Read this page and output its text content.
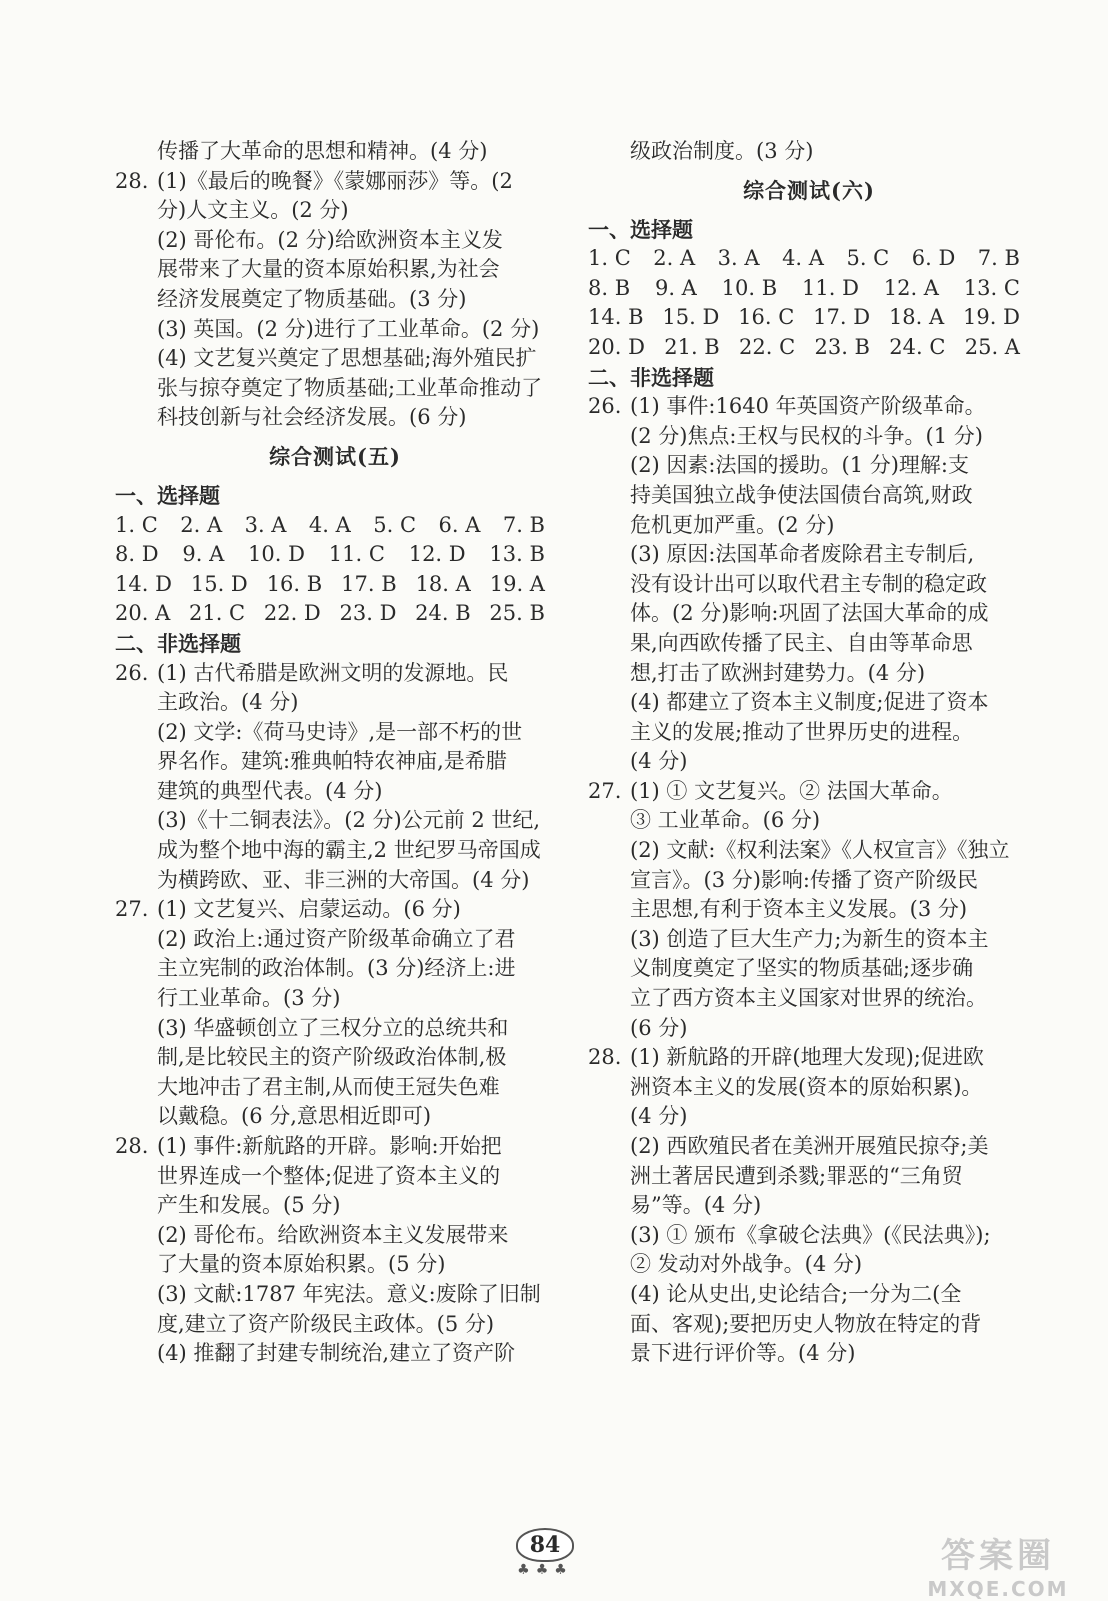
传播了大革命的思想和精神。(4 分)
28. (1)《最后的晚餐》《蒙娜丽莎》等。(2
分)人文主义。(2 分)
(2) 哥伦布。(2 分)给欧洲资本主义发
展带来了大量的资本原始积累,为社会
经济发展奠定了物质基础。(3 分)
(3) 英国。(2 分)进行了工业革命。(2 分)
(4) 文艺复兴奠定了思想基础;海外殖民扩
张与掠夺奠定了物质基础;工业革命推动了
科技创新与社会经济发展。(6 分)
综合测试(五)
一、选择题
1. C 2. A 3. A 4. A 5. C 6. A 7. B
8. D 9. A 10. D 11. C 12. D 13. B
14. D 15. D 16. B 17. B 18. A 19. A
20. A 21. C 22. D 23. D 24. B 25. B
二、非选择题
26. (1) 古代希腊是欧洲文明的发源地。民
主政治。(4 分)
(2) 文学:《荷马史诗》,是一部不朽的世
界名作。建筑:雅典帕特农神庙,是希腊
建筑的典型代表。(4 分)
(3)《十二铜表法》。(2 分)公元前 2 世纪,
成为整个地中海的霸主,2 世纪罗马帝国成
为横跨欧、亚、非三洲的大帝国。(4 分)
27. (1) 文艺复兴、启蒙运动。(6 分)
(2) 政治上:通过资产阶级革命确立了君
主立宪制的政治体制。(3 分)经济上:进
行工业革命。(3 分)
(3) 华盛顿创立了三权分立的总统共和
制,是比较民主的资产阶级政治体制,极
大地冲击了君主制,从而使王冠失色难
以戴稳。(6 分,意思相近即可)
28. (1) 事件:新航路的开辟。影响:开始把
世界连成一个整体;促进了资本主义的
产生和发展。(5 分)
(2) 哥伦布。给欧洲资本主义发展带来
了大量的资本原始积累。(5 分)
(3) 文献:1787 年宪法。意义:废除了旧制
度,建立了资产阶级民主政体。(5 分)
(4) 推翻了封建专制统治,建立了资产阶
级政治制度。(3 分)
综合测试(六)
一、选择题
1. C 2. A 3. A 4. A 5. C 6. D 7. B
8. B 9. A 10. B 11. D 12. A 13. C
14. B 15. D 16. C 17. D 18. A 19. D
20. D 21. B 22. C 23. B 24. C 25. A
二、非选择题
26. (1) 事件:1640 年英国资产阶级革命。
(2 分)焦点:王权与民权的斗争。(1 分)
(2) 因素:法国的援助。(1 分)理解:支
持美国独立战争使法国债台高筑,财政
危机更加严重。(2 分)
(3) 原因:法国革命者废除君主专制后,
没有设计出可以取代君主专制的稳定政
体。(2 分)影响:巩固了法国大革命的成
果,向西欧传播了民主、自由等革命思
想,打击了欧洲封建势力。(4 分)
(4) 都建立了资本主义制度;促进了资本
主义的发展;推动了世界历史的进程。
(4 分)
27. (1) ① 文艺复兴。② 法国大革命。
③ 工业革命。(6 分)
(2) 文献:《权利法案》《人权宣言》《独立
宣言》。(3 分)影响:传播了资产阶级民
主思想,有利于资本主义发展。(3 分)
(3) 创造了巨大生产力;为新生的资本主
义制度奠定了坚实的物质基础;逐步确
立了西方资本主义国家对世界的统治。
(6 分)
28. (1) 新航路的开辟(地理大发现);促进欧
洲资本主义的发展(资本的原始积累)。
(4 分)
(2) 西欧殖民者在美洲开展殖民掠夺;美
洲土著居民遭到杀戮;罪恶的“三角贸
易”等。(4 分)
(3) ① 颁布《拿破仑法典》(《民法典》);
② 发动对外战争。(4 分)
(4) 论从史出,史论结合;一分为二(全
面、客观);要把历史人物放在特定的背
景下进行评价等。(4 分)
84
♣♣♣	答案圈
MXQE.COM
